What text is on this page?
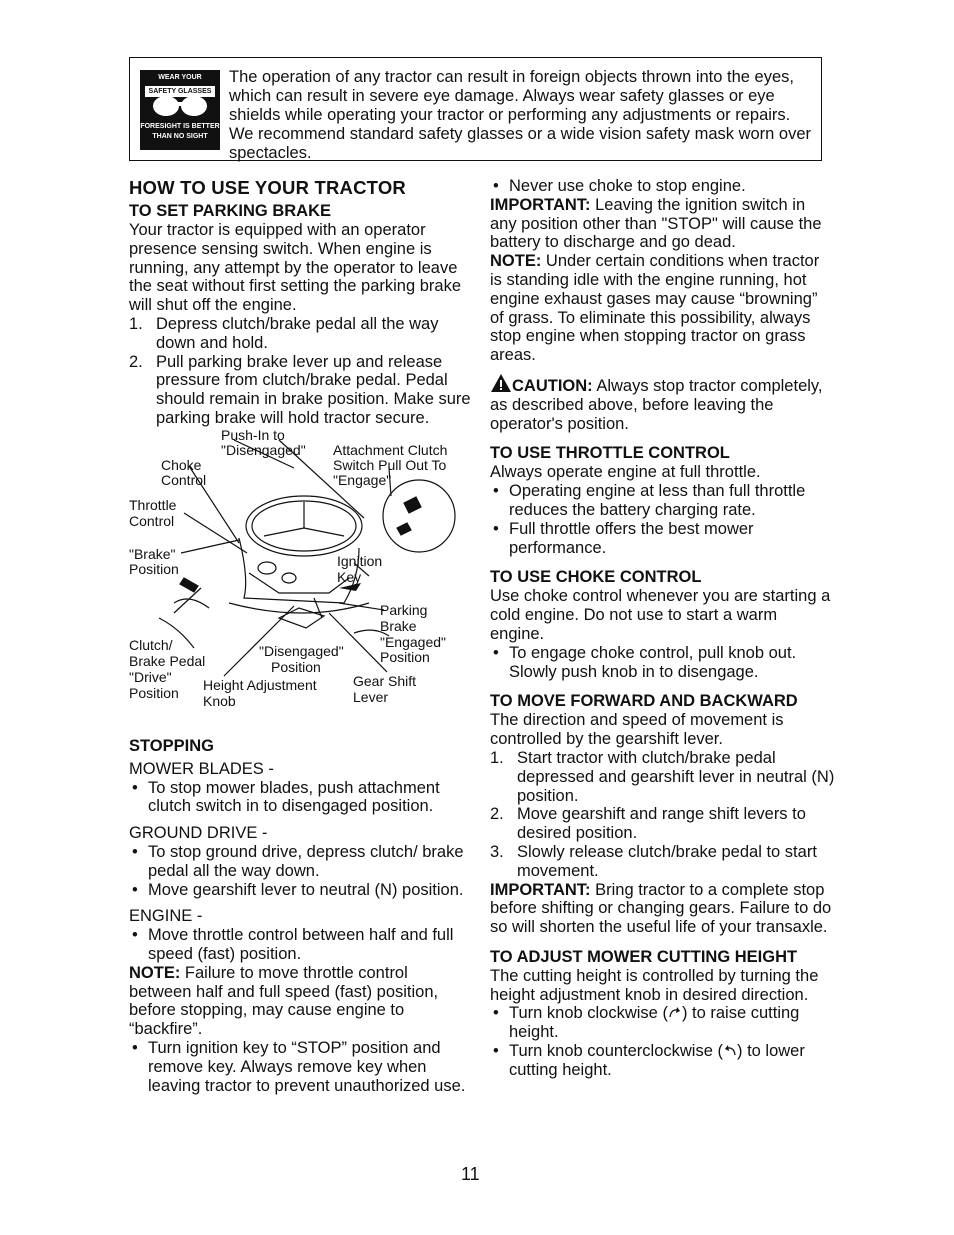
WEAR YOUR
SAFETY GLASSES
FORESIGHT IS BETTER
THAN NO SIGHT
The operation of any tractor can result in foreign objects thrown into the eyes, which can result in severe eye damage. Always wear safety glasses or eye shields while operating your tractor or performing any adjustments or repairs. We recommend standard safety glasses or a wide vision safety mask worn over spectacles.
HOW TO USE YOUR TRACTOR
TO SET PARKING BRAKE

Your tractor is equipped with an operator presence sensing switch. When engine is running, any attempt by the operator to leave the seat without first setting the parking brake will shut off the engine.

1. Depress clutch/brake pedal all the way down and hold.
2. Pull parking brake lever up and release pressure from clutch/brake pedal. Pedal should remain in brake position. Make sure parking brake will hold tractor secure.
Push-In to
"Disengaged" Attachment Clutch
Switch Pull Out To
"Engage"
Choke
Control
Throttle
Control
"Brake"
Position	Ignition
Key
Parking
Brake
"Engaged"
Position
Clutch/
Brake Pedal
"Drive"
Position
"Disengaged"
Position
Height Adjustment
Knob
Gear Shift
Lever
STOPPING

MOWER BLADES -

• To stop mower blades, push attachment clutch switch in to disengaged position.

GROUND DRIVE -

• To stop ground drive, depress clutch/ brake pedal all the way down.
• Move gearshift lever to neutral (N) position.

ENGINE -

• Move throttle control between half and full speed (fast) position.

NOTE: Failure to move throttle control between half and full speed (fast) position, before stopping, may cause engine to “backfire”.

• Turn ignition key to “STOP” position and remove key. Always remove key when leaving tractor to prevent unauthorized use.
• Never use choke to stop engine.

IMPORTANT: Leaving the ignition switch in any position other than "STOP" will cause the battery to discharge and go dead.

NOTE: Under certain conditions when tractor is standing idle with the engine running, hot engine exhaust gases may cause “browning” of grass. To eliminate this possibility, always stop engine when stopping tractor on grass areas.

CAUTION: Always stop tractor completely, as described above, before leaving the operator's position.

TO USE THROTTLE CONTROL

Always operate engine at full throttle.

• Operating engine at less than full throttle reduces the battery charging rate.
• Full throttle offers the best mower performance.
TO USE CHOKE CONTROL

Use choke control whenever you are starting a cold engine. Do not use to start a warm engine.

• To engage choke control, pull knob out. Slowly push knob in to disengage.
TO MOVE FORWARD AND BACKWARD

The direction and speed of movement is controlled by the gearshift lever.

1. Start tractor with clutch/brake pedal depressed and gearshift lever in neutral (N) position.
2. Move gearshift and range shift levers to desired position.
3. Slowly release clutch/brake pedal to start movement.

IMPORTANT: Bring tractor to a complete stop before shifting or changing gears. Failure to do so will shorten the useful life of your transaxle.

TO ADJUST MOWER CUTTING HEIGHT

The cutting height is controlled by turning the height adjustment knob in desired direction.

• Turn knob clockwise ( ) to raise cutting height.
• Turn knob counterclockwise ( ) to lower cutting height.
11
